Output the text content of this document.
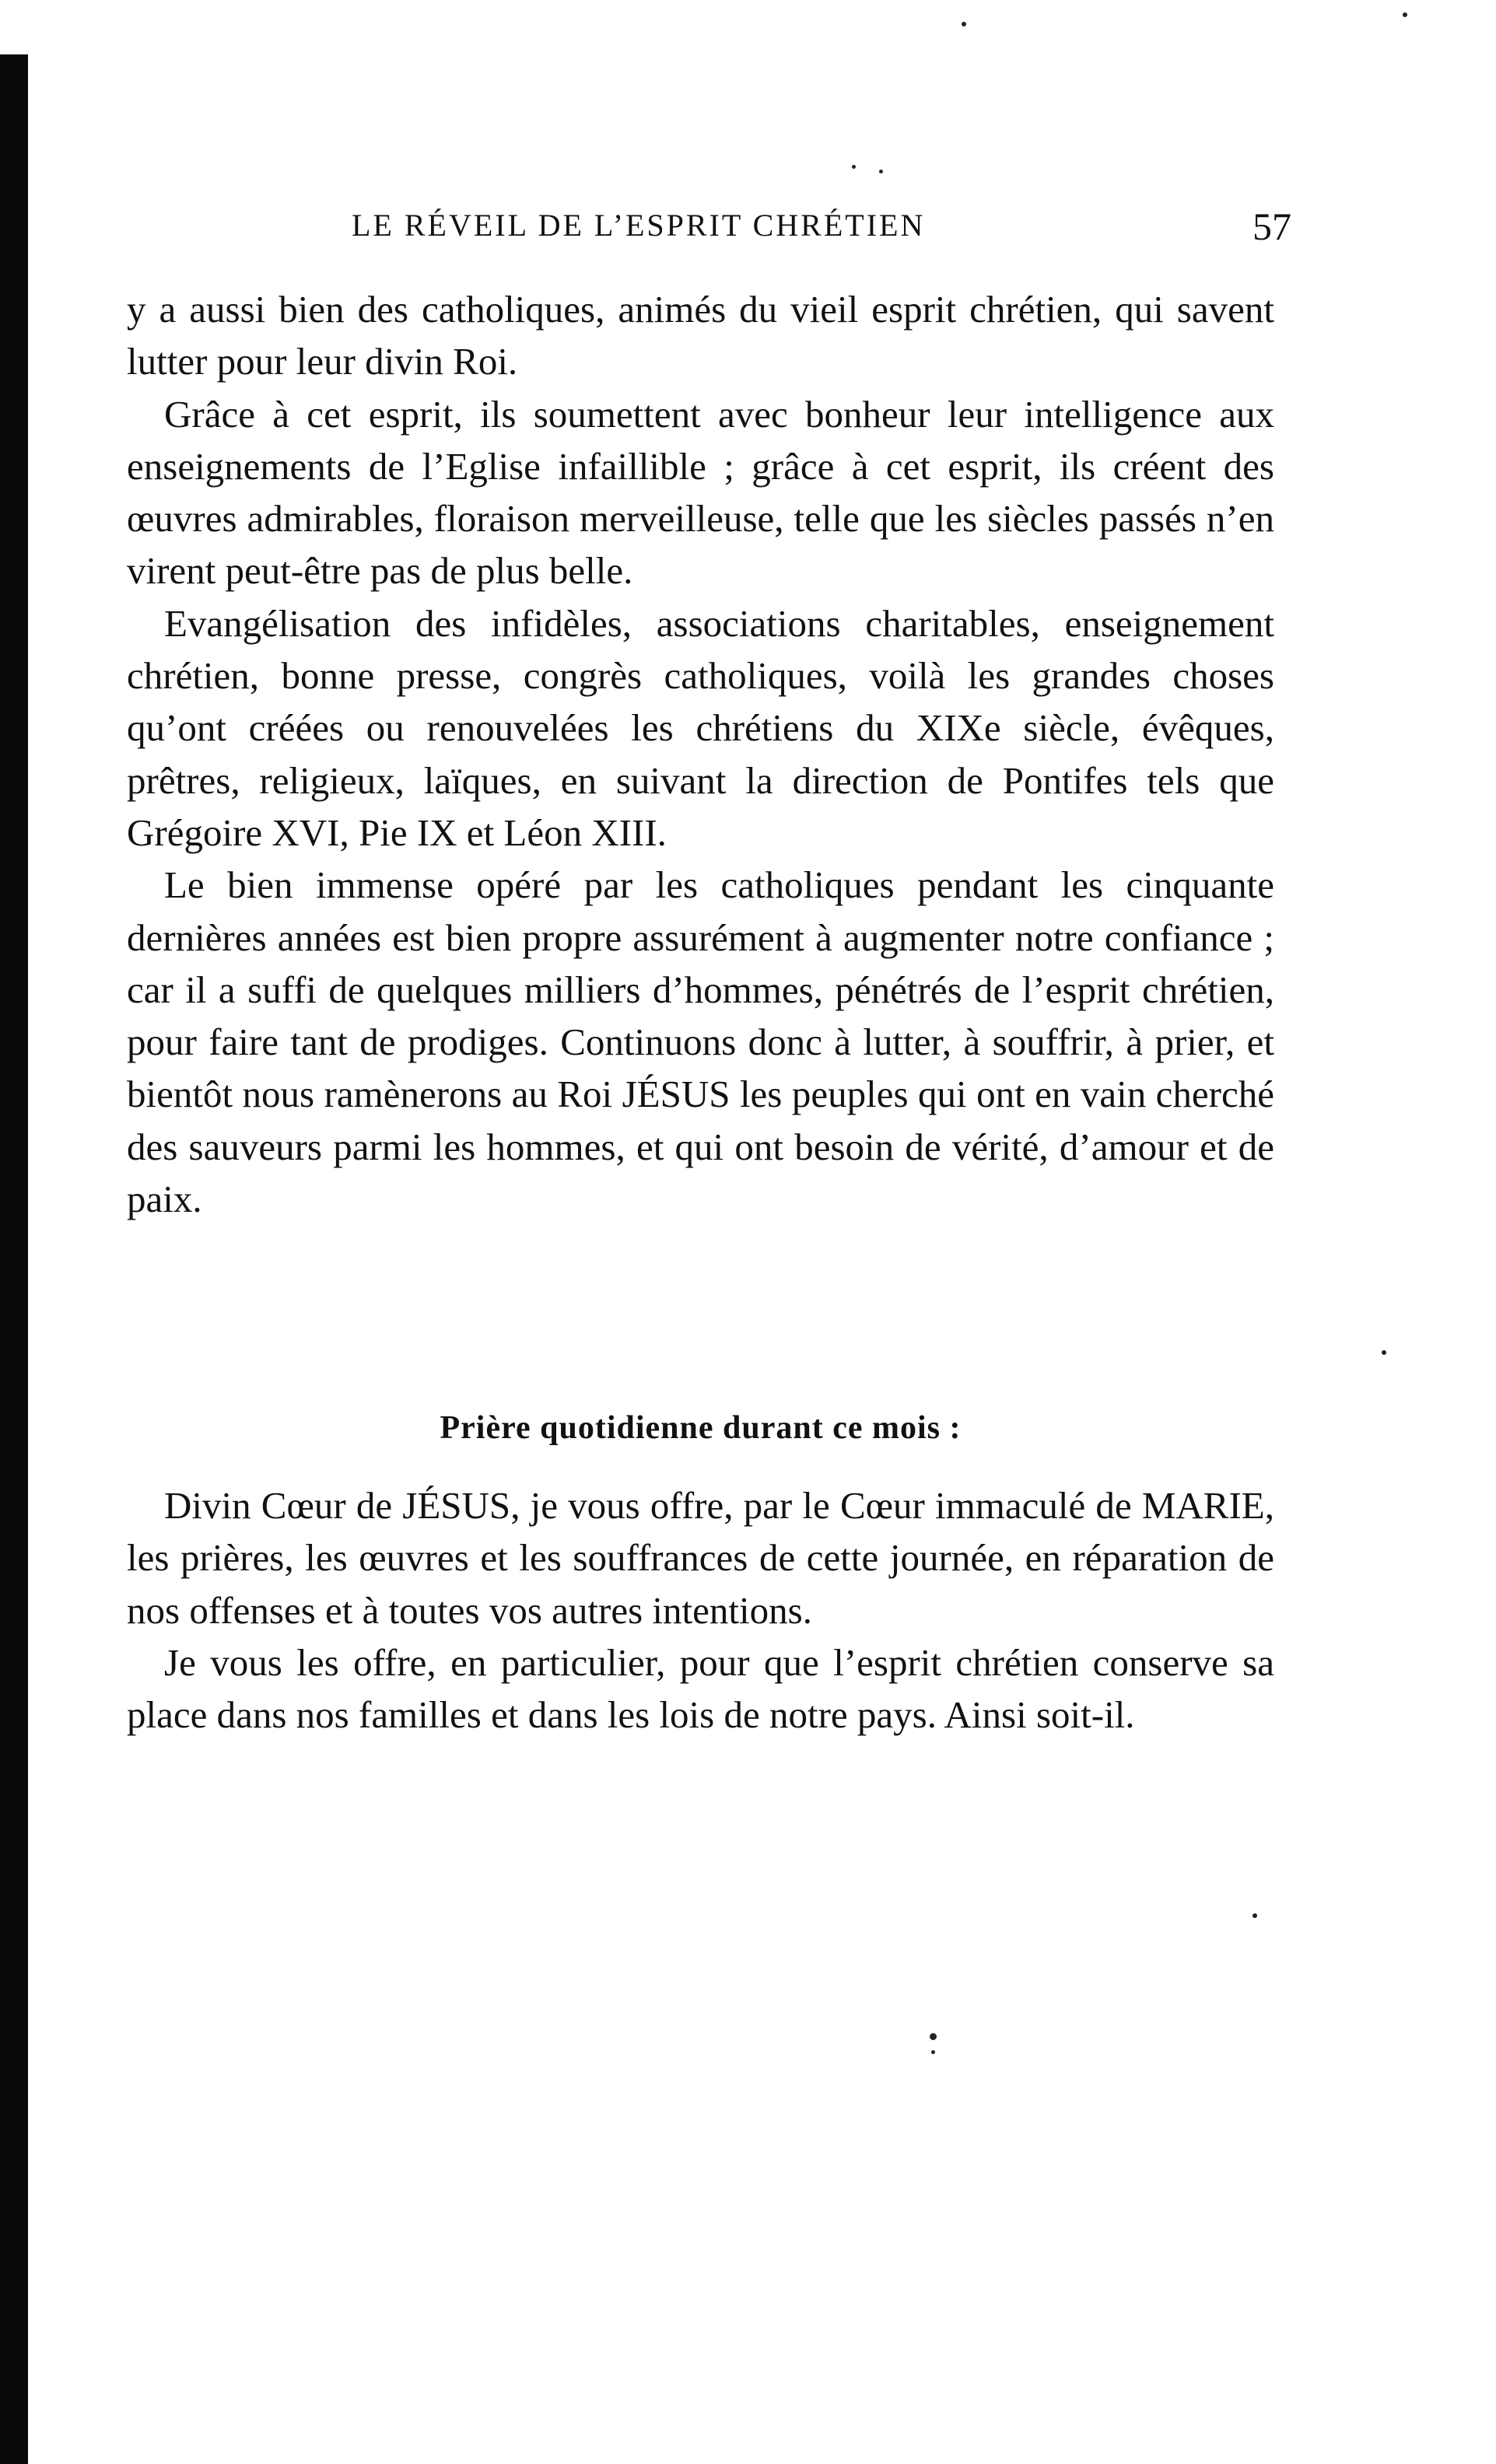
LE RÉVEIL DE L’ESPRIT CHRÉTIEN	57

y a aussi bien des catholiques, animés du vieil esprit chrétien, qui savent lutter pour leur divin Roi.

Grâce à cet esprit, ils soumettent avec bonheur leur intelligence aux enseignements de l’Eglise infaillible ; grâce à cet esprit, ils créent des œuvres admirables, floraison merveilleuse, telle que les siècles passés n’en virent peut-être pas de plus belle.

Evangélisation des infidèles, associations charitables, enseignement chrétien, bonne presse, congrès catholiques, voilà les grandes choses qu’ont créées ou renouvelées les chrétiens du XIXe siècle, évêques, prêtres, religieux, laïques, en suivant la direction de Pontifes tels que Grégoire XVI, Pie IX et Léon XIII.

Le bien immense opéré par les catholiques pendant les cinquante dernières années est bien propre assurément à augmenter notre confiance ; car il a suffi de quelques milliers d’hommes, pénétrés de l’esprit chrétien, pour faire tant de prodiges. Continuons donc à lutter, à souffrir, à prier, et bientôt nous ramènerons au Roi JÉSUS les peuples qui ont en vain cherché des sauveurs parmi les hommes, et qui ont besoin de vérité, d’amour et de paix.

Prière quotidienne durant ce mois :

Divin Cœur de JÉSUS, je vous offre, par le Cœur immaculé de MARIE, les prières, les œuvres et les souffrances de cette journée, en réparation de nos offenses et à toutes vos autres intentions.

Je vous les offre, en particulier, pour que l’esprit chrétien conserve sa place dans nos familles et dans les lois de notre pays. Ainsi soit-il.
